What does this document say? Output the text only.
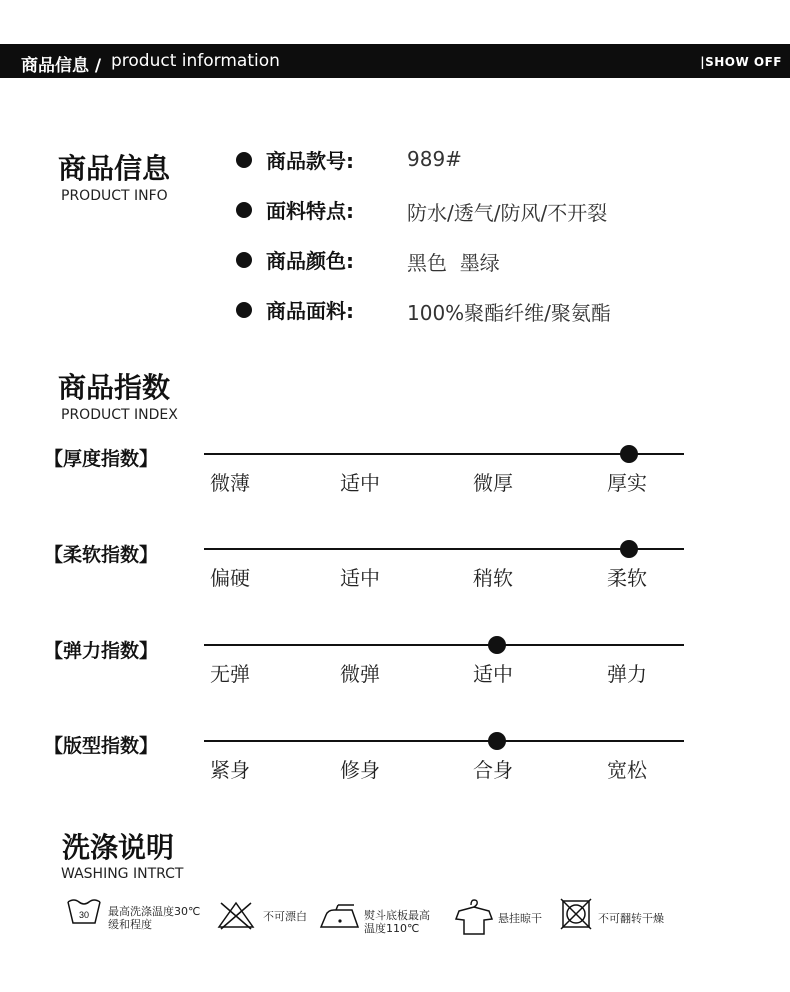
商品信息 / product information	|SHOW OFF
商品信息
PRODUCT INFO
商品款号:	989#
面料特点:	防水/透气/防风/不开裂
商品颜色:	黑色  墨绿
商品面料:	100%聚酯纤维/聚氨酯
商品指数
PRODUCT INDEX
【厚度指数】
微薄	适中	微厚	厚实
【柔软指数】
偏硬	适中	稍软	柔软
【弹力指数】
无弹	微弹	适中	弹力
【版型指数】
紧身	修身	合身	宽松
洗涤说明
WASHING INTRCT
30 最高洗涤温度30℃
缓和程度
不可漂白	熨斗底板最高
温度110℃
悬挂晾干	不可翻转干燥
